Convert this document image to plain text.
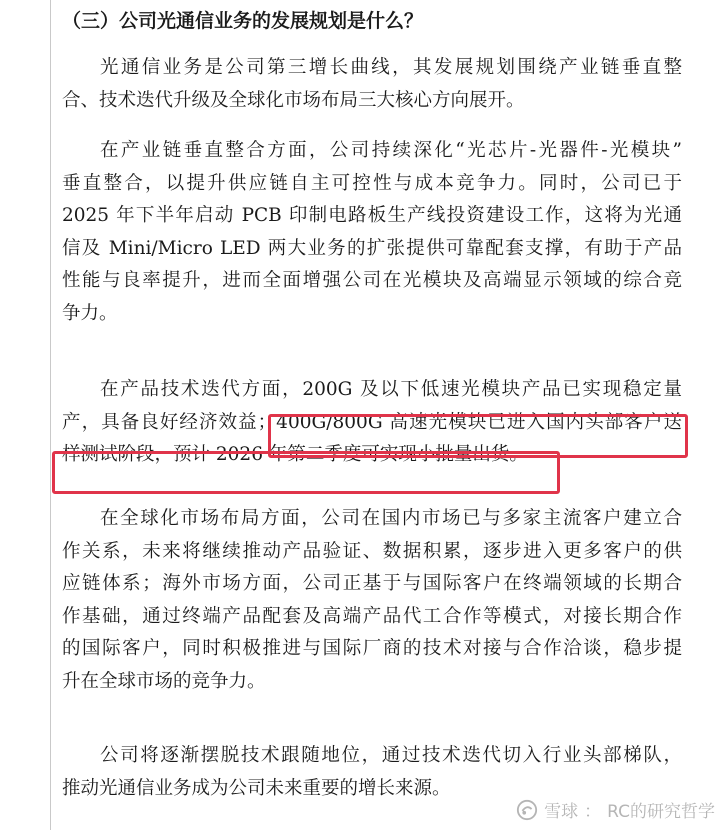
（三）公司光通信业务的发展规划是什么？
光通信业务是公司第三增长曲线，其发展规划围绕产业链垂直整
合、技术迭代升级及全球化市场布局三大核心方向展开。
在产业链垂直整合方面，公司持续深化“光芯片-光器件-光模块”
垂直整合，以提升供应链自主可控性与成本竞争力。同时，公司已于
2025 年下半年启动 PCB 印制电路板生产线投资建设工作，这将为光通
信及 Mini/Micro LED 两大业务的扩张提供可靠配套支撑，有助于产品
性能与良率提升，进而全面增强公司在光模块及高端显示领域的综合竞
争力。
在产品技术迭代方面，200G 及以下低速光模块产品已实现稳定量
产，具备良好经济效益；400G/800G 高速光模块已进入国内头部客户送
样测试阶段，预计 2026 年第二季度可实现小批量出货。
在全球化市场布局方面，公司在国内市场已与多家主流客户建立合
作关系，未来将继续推动产品验证、数据积累，逐步进入更多客户的供
应链体系；海外市场方面，公司正基于与国际客户在终端领域的长期合
作基础，通过终端产品配套及高端产品代工合作等模式，对接长期合作
的国际客户，同时积极推进与国际厂商的技术对接与合作洽谈，稳步提
升在全球市场的竞争力。
公司将逐渐摆脱技术跟随地位，通过技术迭代切入行业头部梯队，
推动光通信业务成为公司未来重要的增长来源。
雪球 ： RC的研究哲学
